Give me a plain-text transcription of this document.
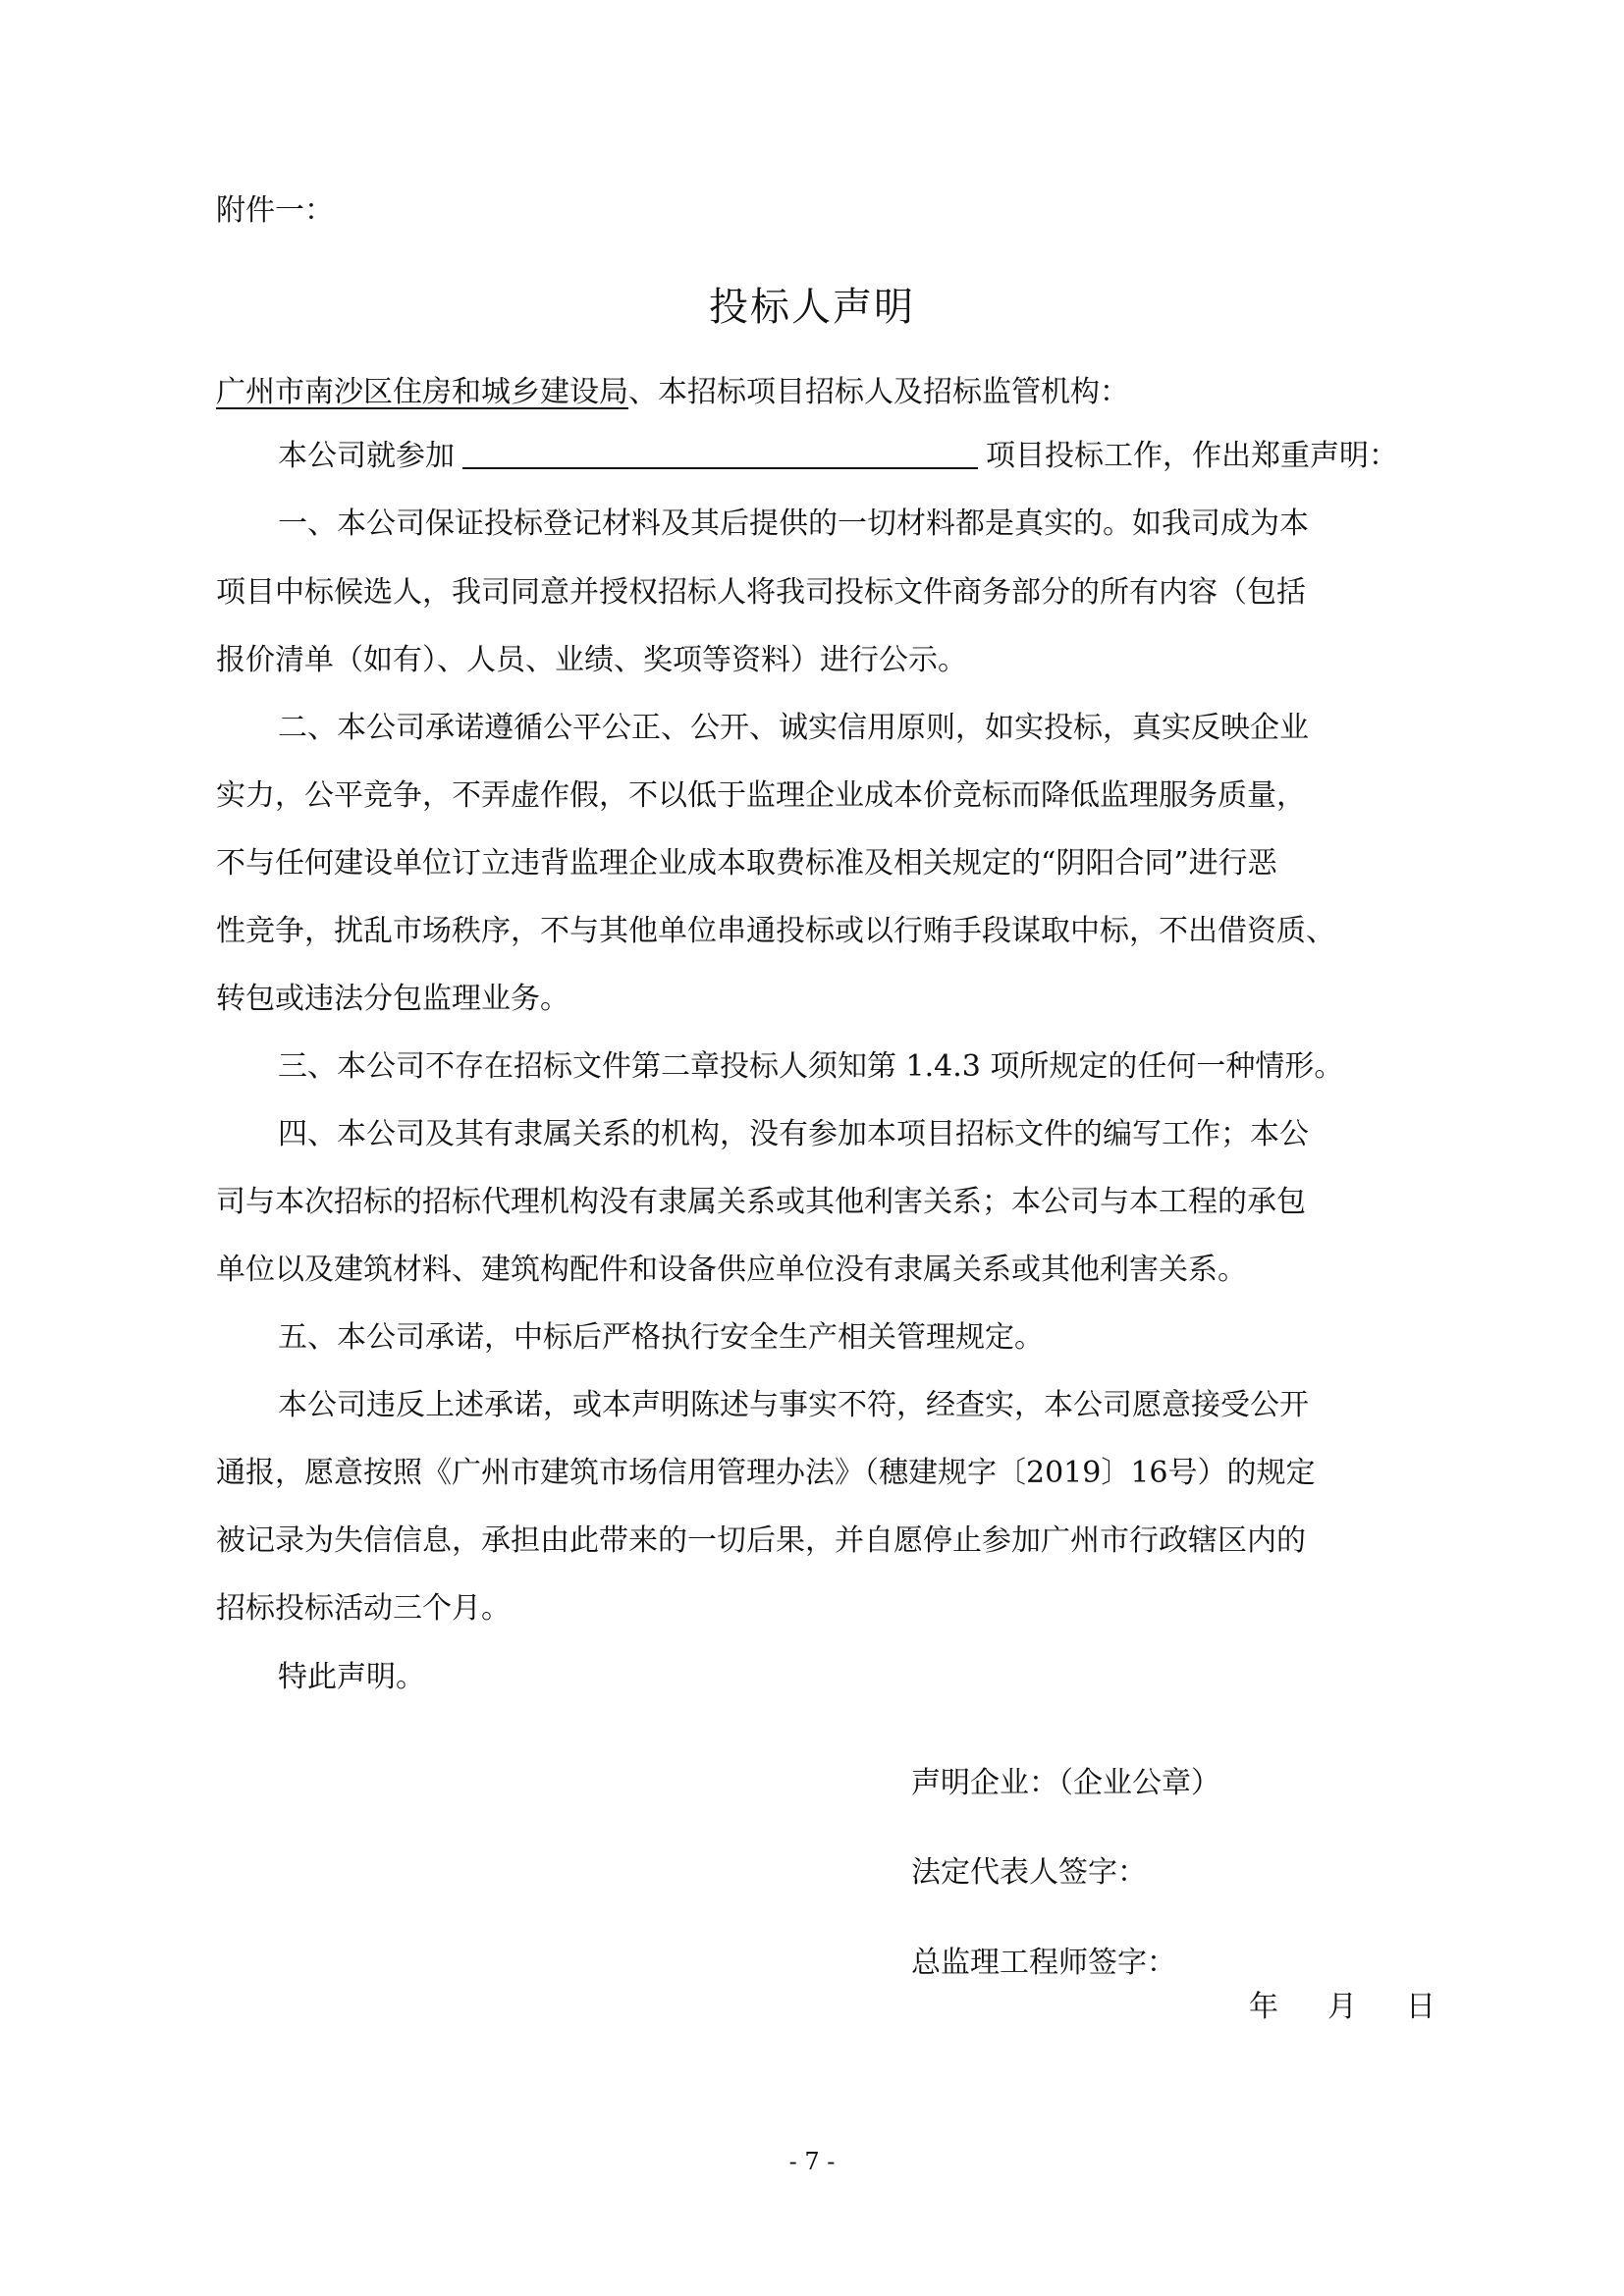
附件一：
投标人声明
广州市南沙区住房和城乡建设局、本招标项目招标人及招标监管机构：
本公司就参加	项目投标工作，作出郑重声明：
一、本公司保证投标登记材料及其后提供的一切材料都是真实的。如我司成为本
项目中标候选人，我司同意并授权招标人将我司投标文件商务部分的所有内容（包括
报价清单（如有）、人员、业绩、奖项等资料）进行公示。
二、本公司承诺遵循公平公正、公开、诚实信用原则，如实投标，真实反映企业
实力，公平竞争，不弄虚作假，不以低于监理企业成本价竞标而降低监理服务质量，
不与任何建设单位订立违背监理企业成本取费标准及相关规定的“阴阳合同”进行恶
性竞争，扰乱市场秩序，不与其他单位串通投标或以行贿手段谋取中标，不出借资质、
转包或违法分包监理业务。
三、本公司不存在招标文件第二章投标人须知第 1.4.3 项所规定的任何一种情形。
四、本公司及其有隶属关系的机构，没有参加本项目招标文件的编写工作；本公
司与本次招标的招标代理机构没有隶属关系或其他利害关系；本公司与本工程的承包
单位以及建筑材料、建筑构配件和设备供应单位没有隶属关系或其他利害关系。
五、本公司承诺，中标后严格执行安全生产相关管理规定。
本公司违反上述承诺，或本声明陈述与事实不符，经查实，本公司愿意接受公开
通报，愿意按照《广州市建筑市场信用管理办法》（穗建规字〔2019〕16号）的规定
被记录为失信信息，承担由此带来的一切后果，并自愿停止参加广州市行政辖区内的
招标投标活动三个月。
特此声明。
声明企业：（企业公章）
法定代表人签字：
总监理工程师签字：
年 月 日
- 7 -
